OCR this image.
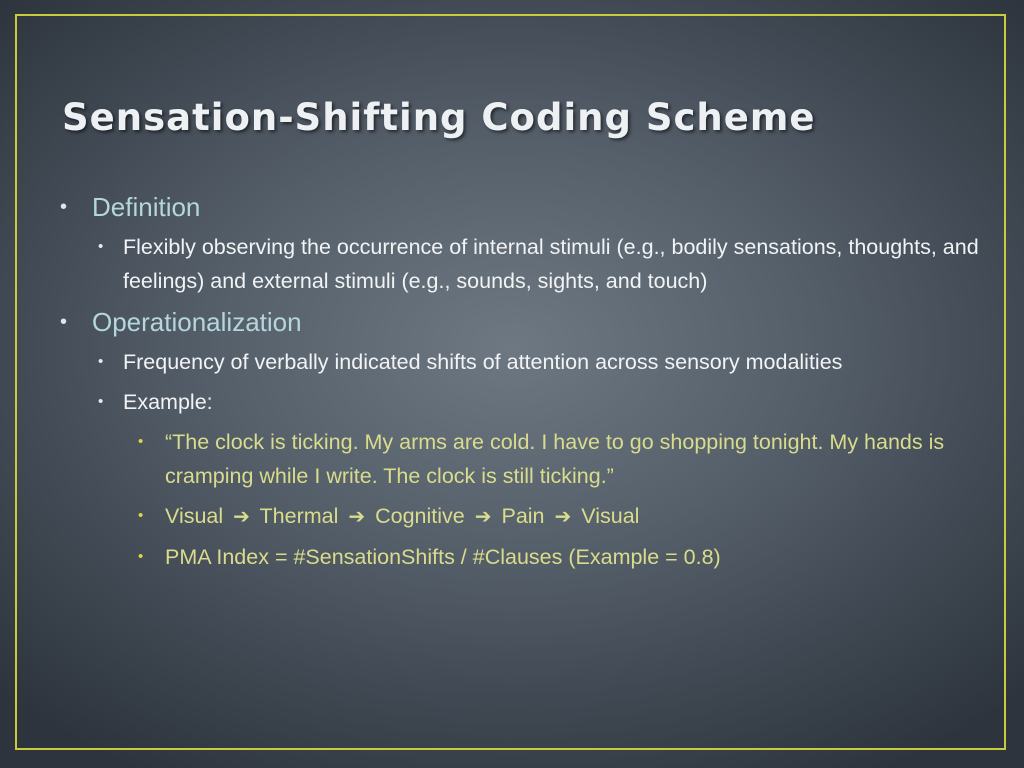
Sensation-Shifting Coding Scheme
• Definition
• Flexibly observing the occurrence of internal stimuli (e.g., bodily sensations, thoughts, and feelings) and external stimuli (e.g., sounds, sights, and touch)
• Operationalization
• Frequency of verbally indicated shifts of attention across sensory modalities
• Example:
• “The clock is ticking. My arms are cold. I have to go shopping tonight. My hands is cramping while I write. The clock is still ticking.”
• Visual ➔ Thermal ➔ Cognitive ➔ Pain ➔ Visual
• PMA Index = #SensationShifts / #Clauses (Example = 0.8)
